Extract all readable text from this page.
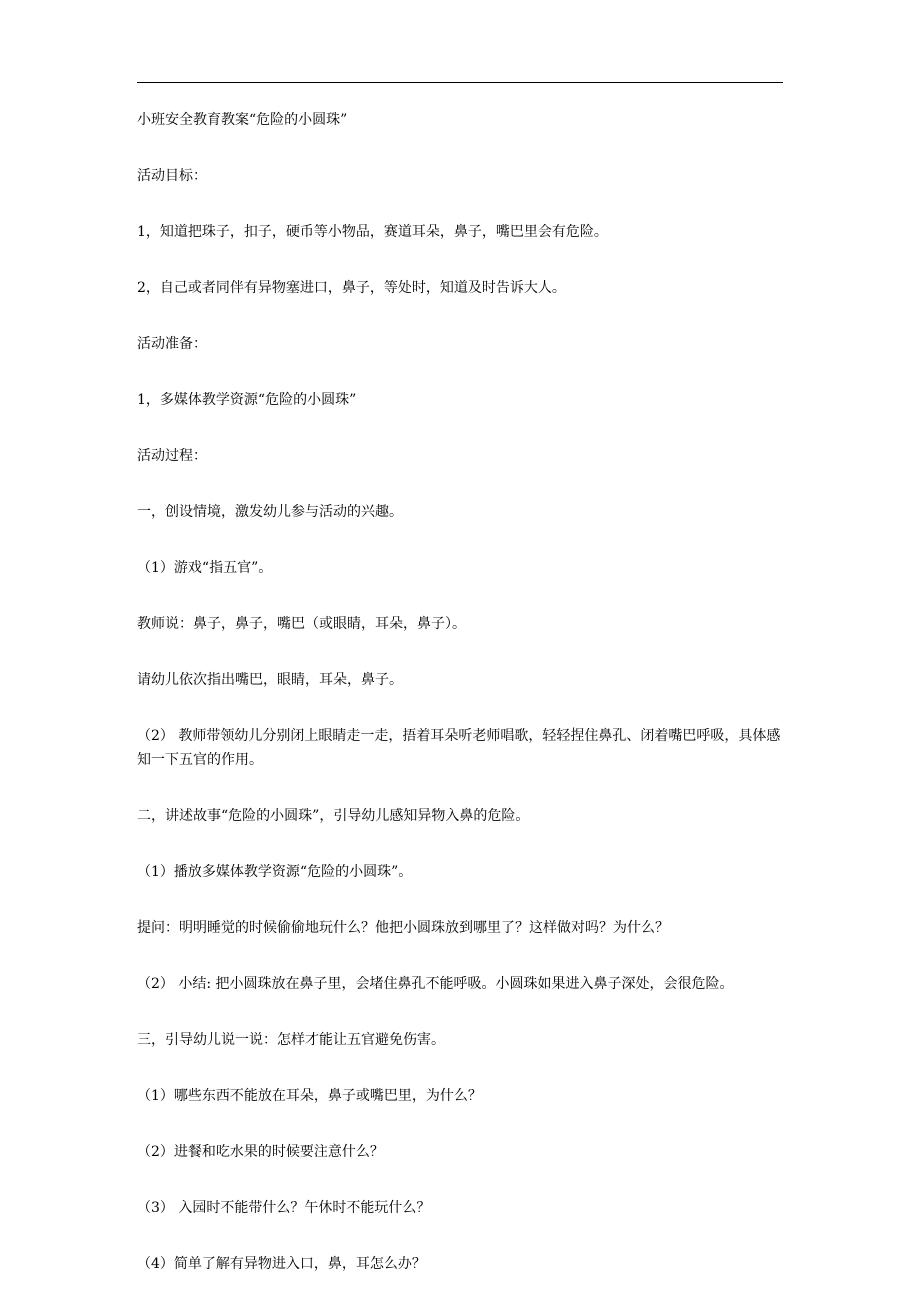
小班安全教育教案“危险的小圆珠”

活动目标：

1，知道把珠子，扣子，硬币等小物品，赛道耳朵，鼻子，嘴巴里会有危险。

2，自己或者同伴有异物塞进口，鼻子，等处时，知道及时告诉大人。

活动准备：

1，多媒体教学资源“危险的小圆珠”

活动过程：

一，创设情境，激发幼儿参与活动的兴趣。

（1）游戏“指五官”。

教师说：鼻子，鼻子，嘴巴（或眼睛，耳朵，鼻子）。

请幼儿依次指出嘴巴，眼睛，耳朵，鼻子。

（2） 教师带领幼儿分别闭上眼睛走一走，捂着耳朵听老师唱歌，轻轻捏住鼻孔、闭着嘴巴呼吸，具体感知一下五官的作用。

二，讲述故事“危险的小圆珠”，引导幼儿感知异物入鼻的危险。

（1）播放多媒体教学资源“危险的小圆珠”。

提问：明明睡觉的时候偷偷地玩什么？他把小圆珠放到哪里了？这样做对吗？为什么？

（2） 小结: 把小圆珠放在鼻子里，会堵住鼻孔不能呼吸。小圆珠如果进入鼻子深处，会很危险。

三，引导幼儿说一说：怎样才能让五官避免伤害。

（1）哪些东西不能放在耳朵，鼻子或嘴巴里，为什么？

（2）进餐和吃水果的时候要注意什么？

（3） 入园时不能带什么？午休时不能玩什么？

（4）简单了解有异物进入口，鼻，耳怎么办？
